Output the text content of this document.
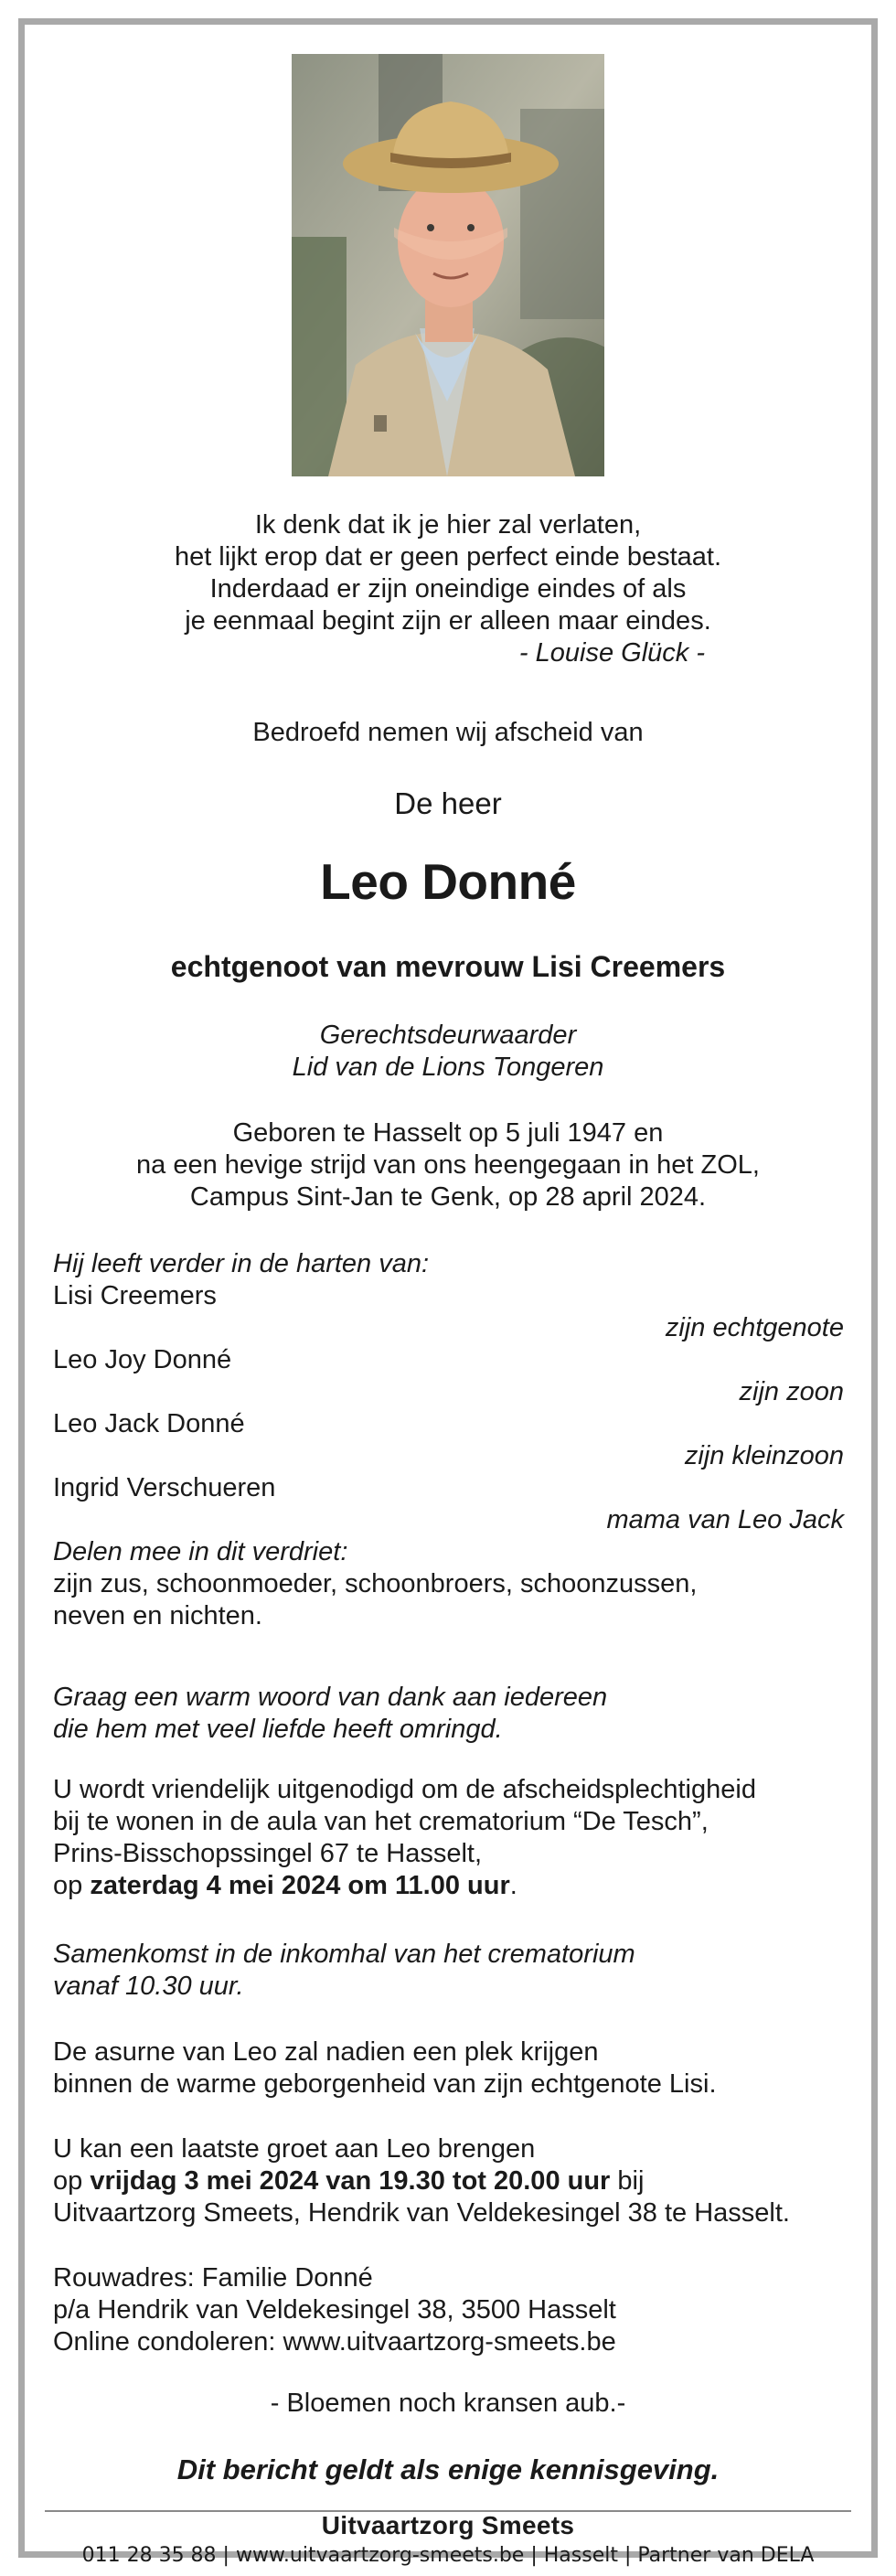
Ik denk dat ik je hier zal verlaten,
het lijkt erop dat er geen perfect einde bestaat.
Inderdaad er zijn oneindige eindes of als
je eenmaal begint zijn er alleen maar eindes.
- Louise Glück -
Bedroefd nemen wij afscheid van
De heer
Leo Donné
echtgenoot van mevrouw Lisi Creemers
Gerechtsdeurwaarder
Lid van de Lions Tongeren
Geboren te Hasselt op 5 juli 1947 en
na een hevige strijd van ons heengegaan in het ZOL,
Campus Sint-Jan te Genk, op 28 april 2024.
Hij leeft verder in de harten van:
Lisi Creemers
zijn echtgenote
Leo Joy Donné
zijn zoon
Leo Jack Donné
zijn kleinzoon
Ingrid Verschueren
mama van Leo Jack
Delen mee in dit verdriet:
zijn zus, schoonmoeder, schoonbroers, schoonzussen,
neven en nichten.
Graag een warm woord van dank aan iedereen
die hem met veel liefde heeft omringd.
U wordt vriendelijk uitgenodigd om de afscheidsplechtigheid
bij te wonen in de aula van het crematorium “De Tesch”,
Prins-Bisschopssingel 67 te Hasselt,
op zaterdag 4 mei 2024 om 11.00 uur.
Samenkomst in de inkomhal van het crematorium
vanaf 10.30 uur.
De asurne van Leo zal nadien een plek krijgen
binnen de warme geborgenheid van zijn echtgenote Lisi.
U kan een laatste groet aan Leo brengen
op vrijdag 3 mei 2024 van 19.30 tot 20.00 uur bij
Uitvaartzorg Smeets, Hendrik van Veldekesingel 38 te Hasselt.
Rouwadres: Familie Donné
p/a Hendrik van Veldekesingel 38, 3500 Hasselt
Online condoleren: www.uitvaartzorg-smeets.be
- Bloemen noch kransen aub.-
Dit bericht geldt als enige kennisgeving.
Uitvaartzorg Smeets
011 28 35 88 | www.uitvaartzorg-smeets.be | Hasselt | Partner van DELA
